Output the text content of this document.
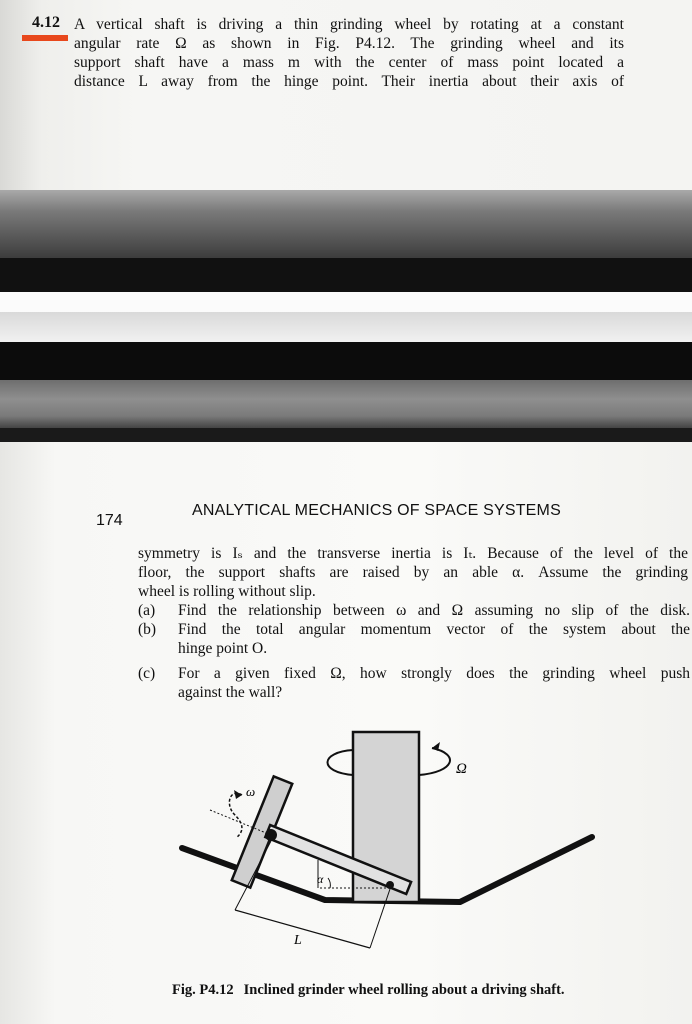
4.12 A vertical shaft is driving a thin grinding wheel by rotating at a constant
angular rate Ω as shown in Fig. P4.12. The grinding wheel and its
support shaft have a mass m with the center of mass point located a
distance L away from the hinge point. Their inertia about their axis of
174
ANALYTICAL MECHANICS OF SPACE SYSTEMS
symmetry is Iₛ and the transverse inertia is Iₜ. Because of the level of the
floor, the support shafts are raised by an able α. Assume the grinding
wheel is rolling without slip.
(a) Find the relationship between ω and Ω assuming no slip of the disk.
(b) Find the total angular momentum vector of the system about the
hinge point O.
(c) For a given fixed Ω, how strongly does the grinding wheel push
against the wall?
Ω
ω
α
L
Fig. P4.12 Inclined grinder wheel rolling about a driving shaft.
